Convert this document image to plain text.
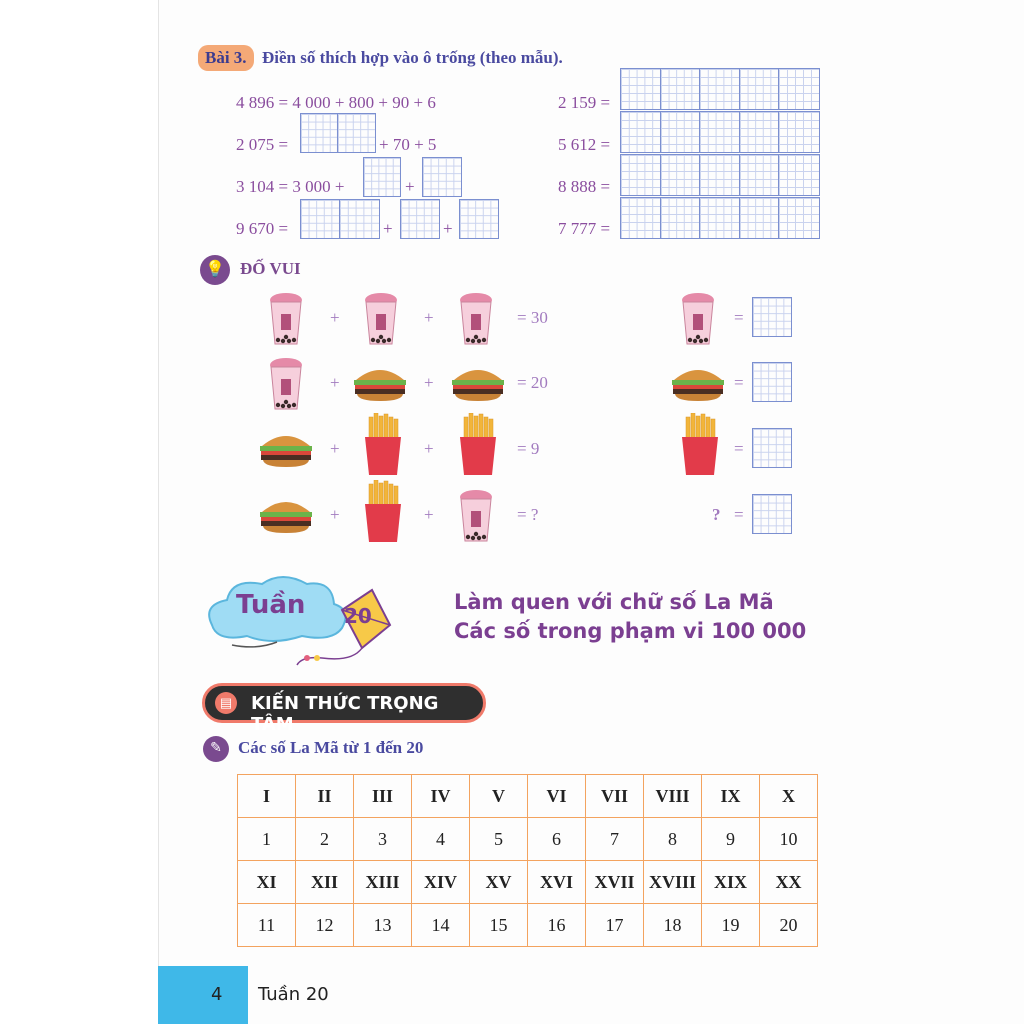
Bài 3. Điền số thích hợp vào ô trống (theo mẫu).
4 896 = 4 000 + 800 + 90 + 6
2 075 =	+ 70 + 5
3 104 = 3 000 +	+
9 670 =	+	+
2 159 =
5 612 =
8 888 =
7 777 =
💡 ĐỐ VUI
+	+	= 30	=
+	+	= 20	=
+	+	= 9	=
+	+	= ?	? =
Tuần 20
Làm quen với chữ số La Mã
Các số trong phạm vi 100 000
▤ KIẾN THỨC TRỌNG TÂM
✎ Các số La Mã từ 1 đến 20
I	II	III	IV	V	VI	VII	VIII	IX	X
1	2	3	4	5	6	7	8	9	10
XI	XII	XIII	XIV	XV	XVI	XVII	XVIII	XIX	XX
11	12	13	14	15	16	17	18	19	20
4 Tuần 20
